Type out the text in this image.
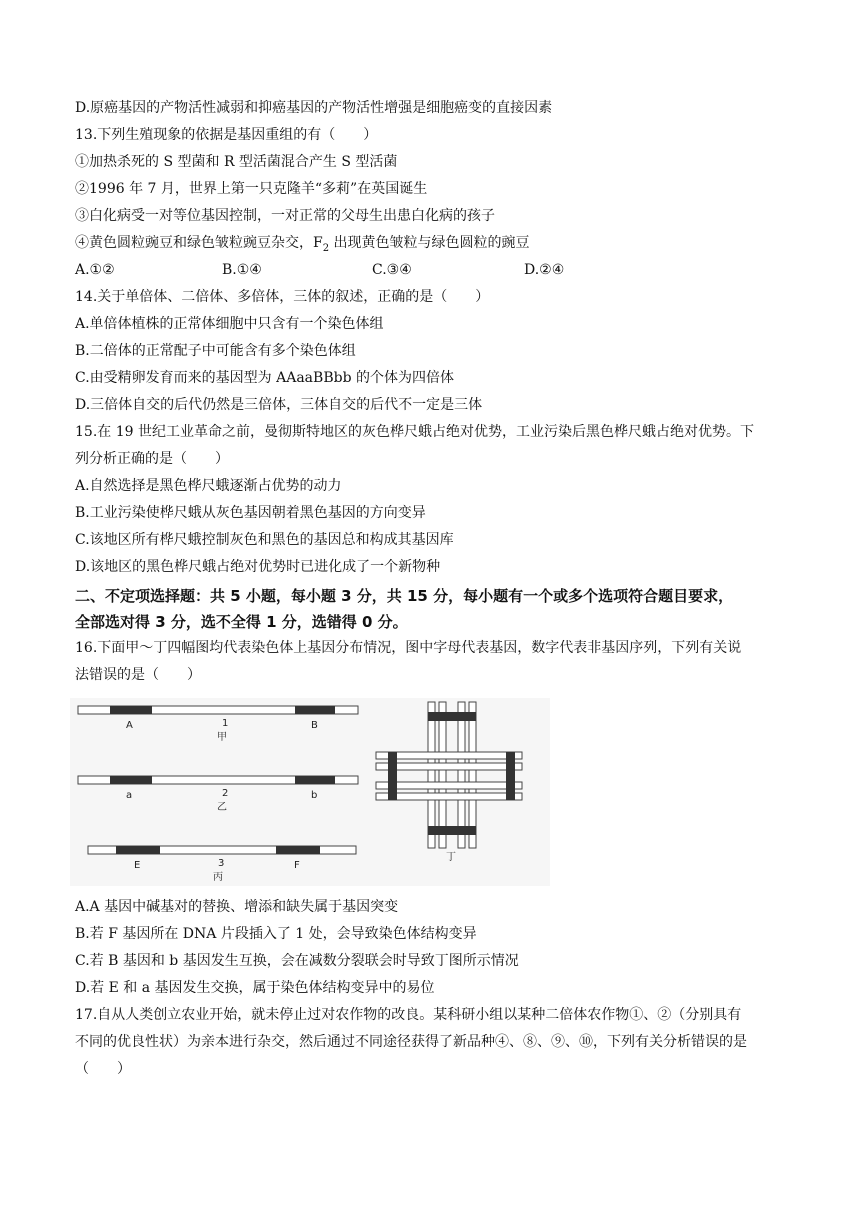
D.原癌基因的产物活性减弱和抑癌基因的产物活性增强是细胞癌变的直接因素
13.下列生殖现象的依据是基因重组的有（　　）
①加热杀死的 S 型菌和 R 型活菌混合产生 S 型活菌
②1996 年 7 月，世界上第一只克隆羊“多莉”在英国诞生
③白化病受一对等位基因控制，一对正常的父母生出患白化病的孩子
④黄色圆粒豌豆和绿色皱粒豌豆杂交，$F_2$ 出现黄色皱粒与绿色圆粒的豌豆
A.①②	B.①④	C.③④	D.②④
14.关于单倍体、二倍体、多倍体，三体的叙述，正确的是（　　）
A.单倍体植株的正常体细胞中只含有一个染色体组
B.二倍体的正常配子中可能含有多个染色体组
C.由受精卵发育而来的基因型为 AAaaBBbb 的个体为四倍体
D.三倍体自交的后代仍然是三倍体，三体自交的后代不一定是三体
15.在 19 世纪工业革命之前，曼彻斯特地区的灰色桦尺蛾占绝对优势，工业污染后黑色桦尺蛾占绝对优势。下
列分析正确的是（　　）
A.自然选择是黑色桦尺蛾逐渐占优势的动力
B.工业污染使桦尺蛾从灰色基因朝着黑色基因的方向变异
C.该地区所有桦尺蛾控制灰色和黑色的基因总和构成其基因库
D.该地区的黑色桦尺蛾占绝对优势时已进化成了一个新物种
二、不定项选择题：共 5 小题，每小题 3 分，共 15 分，每小题有一个或多个选项符合题目要求，
全部选对得 3 分，选不全得 1 分，选错得 0 分。
16.下面甲～丁四幅图均代表染色体上基因分布情况，图中字母代表基因，数字代表非基因序列，下列有关说
法错误的是（　　）
A	B
1
甲
a	b
2
乙
E	F
3
丙
丁
A.A 基因中碱基对的替换、增添和缺失属于基因突变
B.若 F 基因所在 DNA 片段插入了 1 处，会导致染色体结构变异
C.若 B 基因和 b 基因发生互换，会在减数分裂联会时导致丁图所示情况
D.若 E 和 a 基因发生交换，属于染色体结构变异中的易位
17.自从人类创立农业开始，就未停止过对农作物的改良。某科研小组以某种二倍体农作物①、②（分别具有
不同的优良性状）为亲本进行杂交，然后通过不同途径获得了新品种④、⑧、⑨、⑩，下列有关分析错误的是
（　　）
